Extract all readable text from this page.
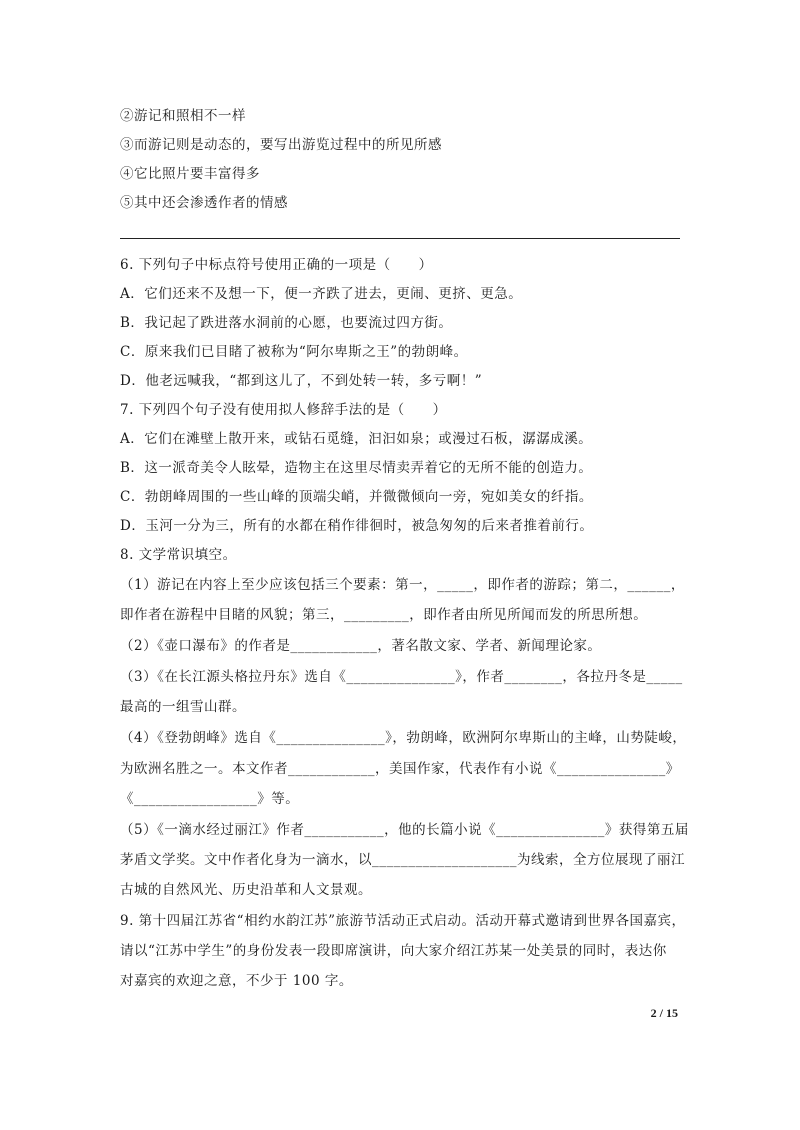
②游记和照相不一样
③而游记则是动态的，要写出游览过程中的所见所感
④它比照片要丰富得多
⑤其中还会渗透作者的情感
6. 下列句子中标点符号使用正确的一项是（　　）
A．它们还来不及想一下，便一齐跌了进去，更闹、更挤、更急。
B．我记起了跌进落水洞前的心愿，也要流过四方街。
C．原来我们已目睹了被称为“阿尔卑斯之王”的勃朗峰。
D．他老远喊我，“都到这儿了，不到处转一转，多亏啊！”
7. 下列四个句子没有使用拟人修辞手法的是（　　）
A．它们在滩壁上散开来，或钻石觅缝，汩汩如泉；或漫过石板，潺潺成溪。
B．这一派奇美令人眩晕，造物主在这里尽情卖弄着它的无所不能的创造力。
C．勃朗峰周围的一些山峰的顶端尖峭，并微微倾向一旁，宛如美女的纤指。
D．玉河一分为三，所有的水都在稍作徘徊时，被急匆匆的后来者推着前行。
8. 文学常识填空。
（1）游记在内容上至少应该包括三个要素：第一，_____，即作者的游踪；第二，______，
即作者在游程中目睹的风貌；第三，_________，即作者由所见所闻而发的所思所想。
（2）《壶口瀑布》的作者是____________，著名散文家、学者、新闻理论家。
（3）《在长江源头格拉丹东》选自《_______________》，作者________，各拉丹冬是_____
最高的一组雪山群。
（4）《登勃朗峰》选自《_______________》，勃朗峰，欧洲阿尔卑斯山的主峰，山势陡峻，
为欧洲名胜之一。本文作者____________，美国作家，代表作有小说《_______________》
《_________________》等。
（5）《一滴水经过丽江》作者___________，他的长篇小说《_______________》获得第五届
茅盾文学奖。文中作者化身为一滴水，以____________________为线索，全方位展现了丽江
古城的自然风光、历史沿革和人文景观。
9. 第十四届江苏省“相约水韵江苏”旅游节活动正式启动。活动开幕式邀请到世界各国嘉宾，
请以“江苏中学生”的身份发表一段即席演讲，向大家介绍江苏某一处美景的同时，表达你
对嘉宾的欢迎之意，不少于 100 字。
2 / 15
